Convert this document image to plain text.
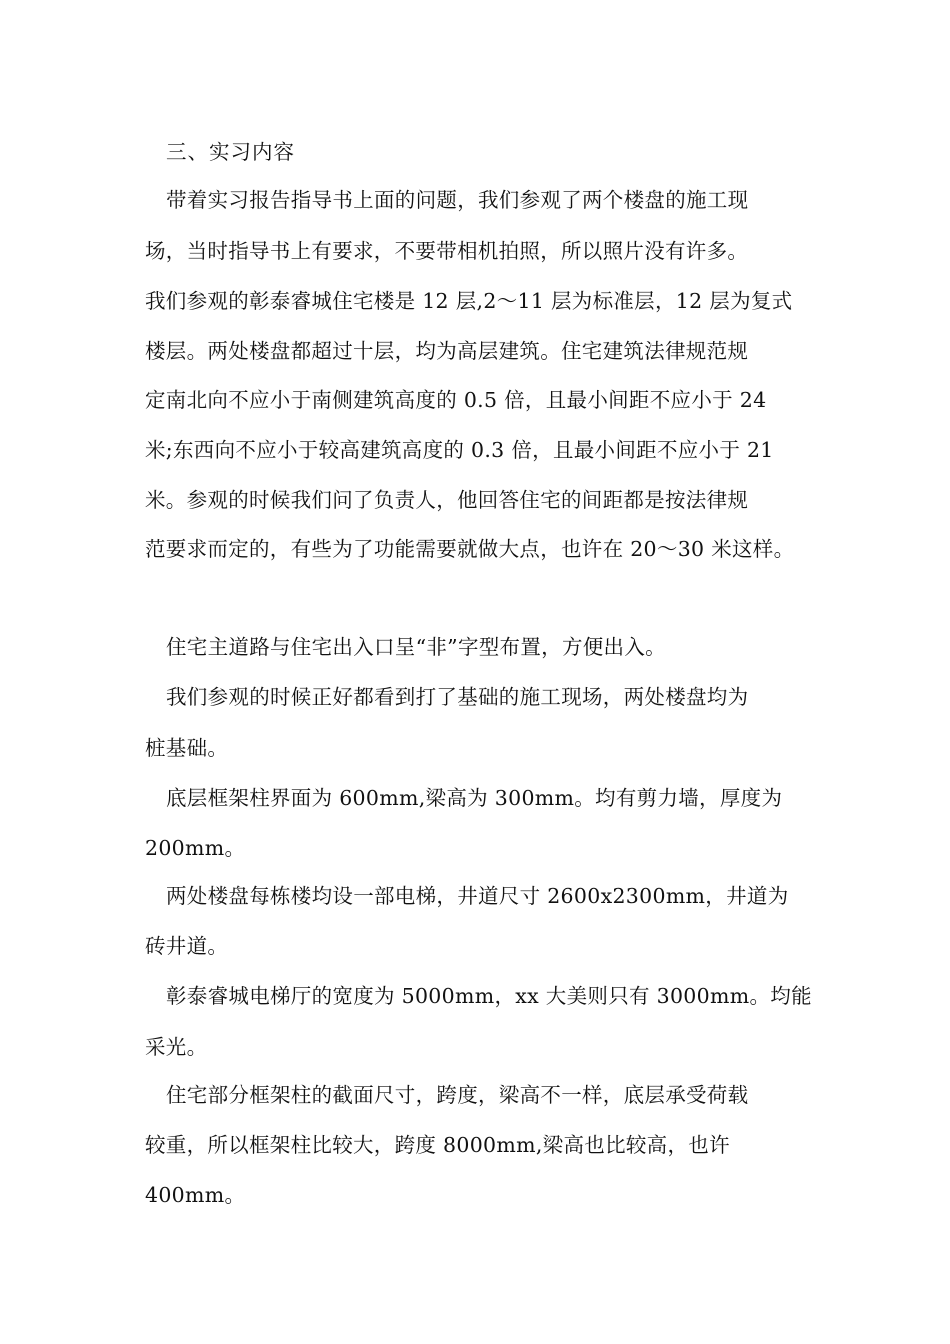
三、实习内容
带着实习报告指导书上面的问题，我们参观了两个楼盘的施工现
场，当时指导书上有要求，不要带相机拍照，所以照片没有许多。
我们参观的彰泰睿城住宅楼是 12 层,2～11 层为标准层，12 层为复式
楼层。两处楼盘都超过十层，均为高层建筑。住宅建筑法律规范规
定南北向不应小于南侧建筑高度的 0.5 倍，且最小间距不应小于 24
米;东西向不应小于较高建筑高度的 0.3 倍，且最小间距不应小于 21
米。参观的时候我们问了负责人，他回答住宅的间距都是按法律规
范要求而定的，有些为了功能需要就做大点，也许在 20～30 米这样。
住宅主道路与住宅出入口呈“非”字型布置，方便出入。
我们参观的时候正好都看到打了基础的施工现场，两处楼盘均为
桩基础。
底层框架柱界面为 600mm,梁高为 300mm。均有剪力墙，厚度为
200mm。
两处楼盘每栋楼均设一部电梯，井道尺寸 2600x2300mm，井道为
砖井道。
彰泰睿城电梯厅的宽度为 5000mm，xx 大美则只有 3000mm。均能
采光。
住宅部分框架柱的截面尺寸，跨度，梁高不一样，底层承受荷载
较重，所以框架柱比较大，跨度 8000mm,梁高也比较高，也许
400mm。
